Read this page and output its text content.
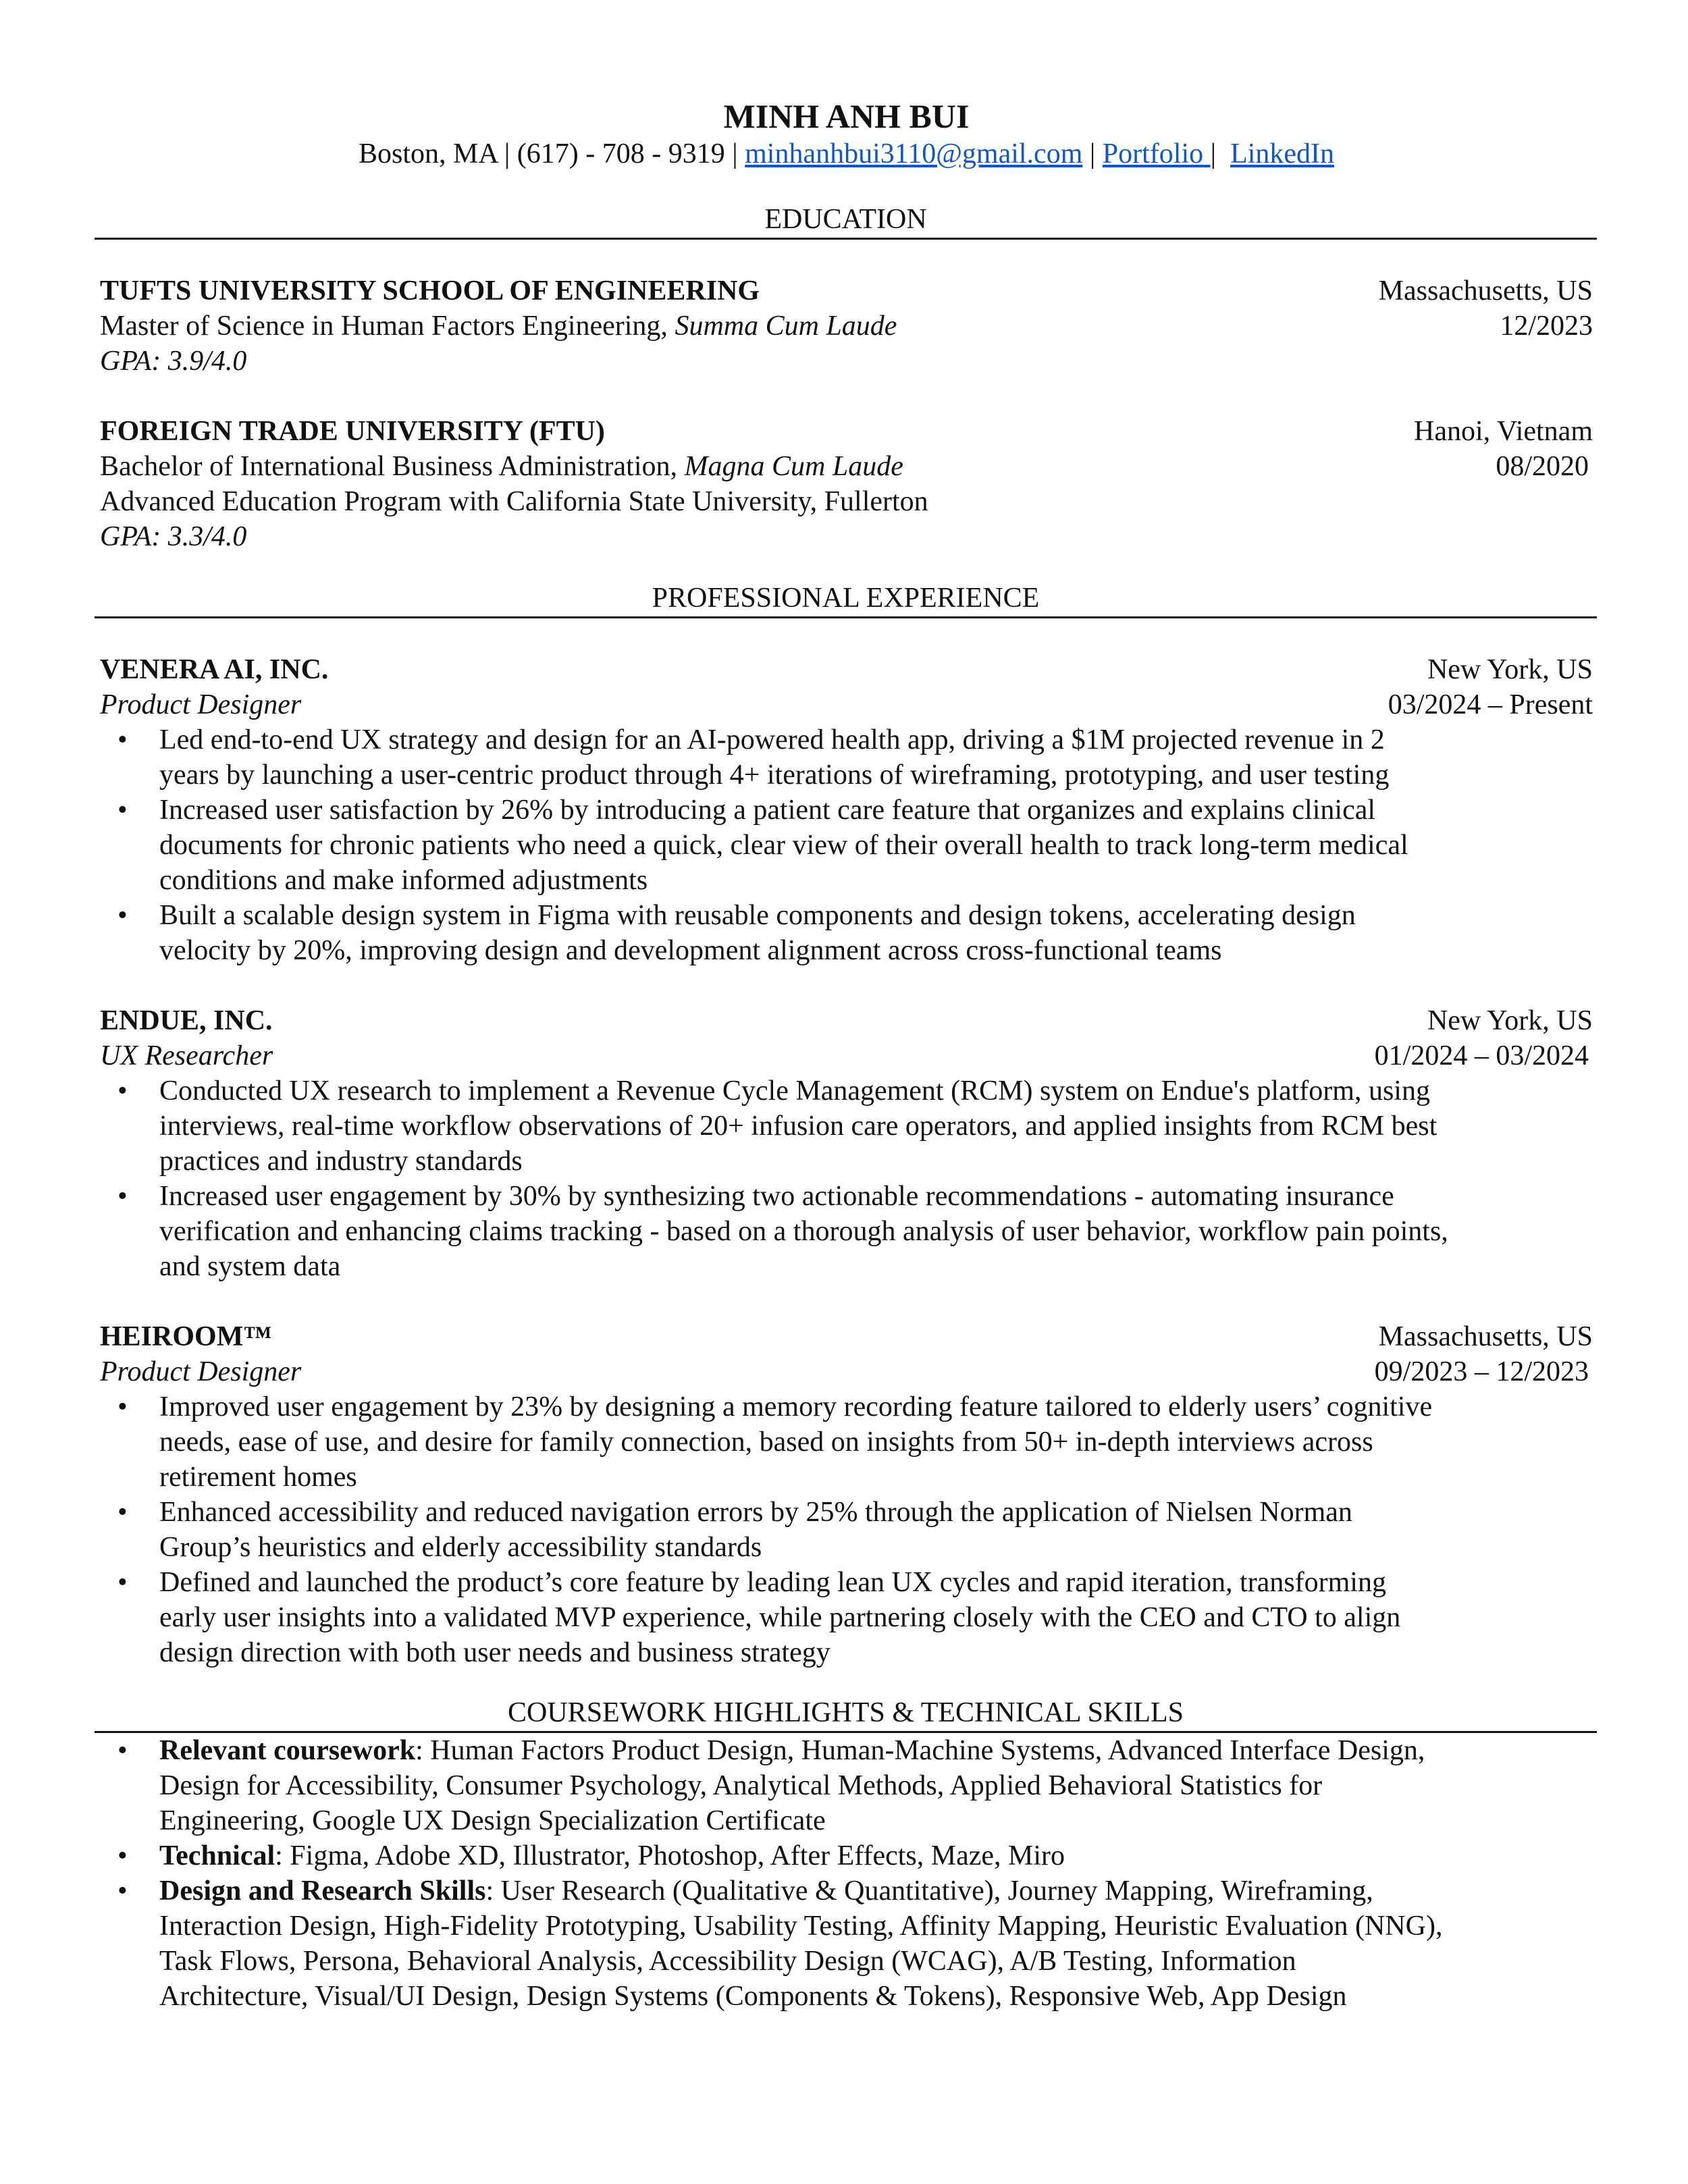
MINH ANH BUI
Boston, MA | (617) - 708 - 9319 | minhanhbui3110@gmail.com | Portfolio | LinkedIn
EDUCATION
TUFTS UNIVERSITY SCHOOL OF ENGINEERING	Massachusetts, US
Master of Science in Human Factors Engineering, Summa Cum Laude	12/2023
GPA: 3.9/4.0
FOREIGN TRADE UNIVERSITY (FTU)	Hanoi, Vietnam
Bachelor of International Business Administration, Magna Cum Laude	08/2020
Advanced Education Program with California State University, Fullerton
GPA: 3.3/4.0
PROFESSIONAL EXPERIENCE
VENERA AI, INC.	New York, US
Product Designer	03/2024 – Present
• Led end-to-end UX strategy and design for an AI-powered health app, driving a $1M projected revenue in 2
years by launching a user-centric product through 4+ iterations of wireframing, prototyping, and user testing
• Increased user satisfaction by 26% by introducing a patient care feature that organizes and explains clinical
documents for chronic patients who need a quick, clear view of their overall health to track long-term medical
conditions and make informed adjustments
• Built a scalable design system in Figma with reusable components and design tokens, accelerating design
velocity by 20%, improving design and development alignment across cross-functional teams
ENDUE, INC.	New York, US
UX Researcher	01/2024 – 03/2024
• Conducted UX research to implement a Revenue Cycle Management (RCM) system on Endue's platform, using
interviews, real-time workflow observations of 20+ infusion care operators, and applied insights from RCM best
practices and industry standards
• Increased user engagement by 30% by synthesizing two actionable recommendations - automating insurance
verification and enhancing claims tracking - based on a thorough analysis of user behavior, workflow pain points,
and system data
HEIROOM™	Massachusetts, US
Product Designer	09/2023 – 12/2023
• Improved user engagement by 23% by designing a memory recording feature tailored to elderly users’ cognitive
needs, ease of use, and desire for family connection, based on insights from 50+ in-depth interviews across
retirement homes
• Enhanced accessibility and reduced navigation errors by 25% through the application of Nielsen Norman
Group’s heuristics and elderly accessibility standards
• Defined and launched the product’s core feature by leading lean UX cycles and rapid iteration, transforming
early user insights into a validated MVP experience, while partnering closely with the CEO and CTO to align
design direction with both user needs and business strategy
COURSEWORK HIGHLIGHTS & TECHNICAL SKILLS
• Relevant coursework: Human Factors Product Design, Human-Machine Systems, Advanced Interface Design,
Design for Accessibility, Consumer Psychology, Analytical Methods, Applied Behavioral Statistics for
Engineering, Google UX Design Specialization Certificate
• Technical: Figma, Adobe XD, Illustrator, Photoshop, After Effects, Maze, Miro
• Design and Research Skills: User Research (Qualitative & Quantitative), Journey Mapping, Wireframing,
Interaction Design, High-Fidelity Prototyping, Usability Testing, Affinity Mapping, Heuristic Evaluation (NNG),
Task Flows, Persona, Behavioral Analysis, Accessibility Design (WCAG), A/B Testing, Information
Architecture, Visual/UI Design, Design Systems (Components & Tokens), Responsive Web, App Design
